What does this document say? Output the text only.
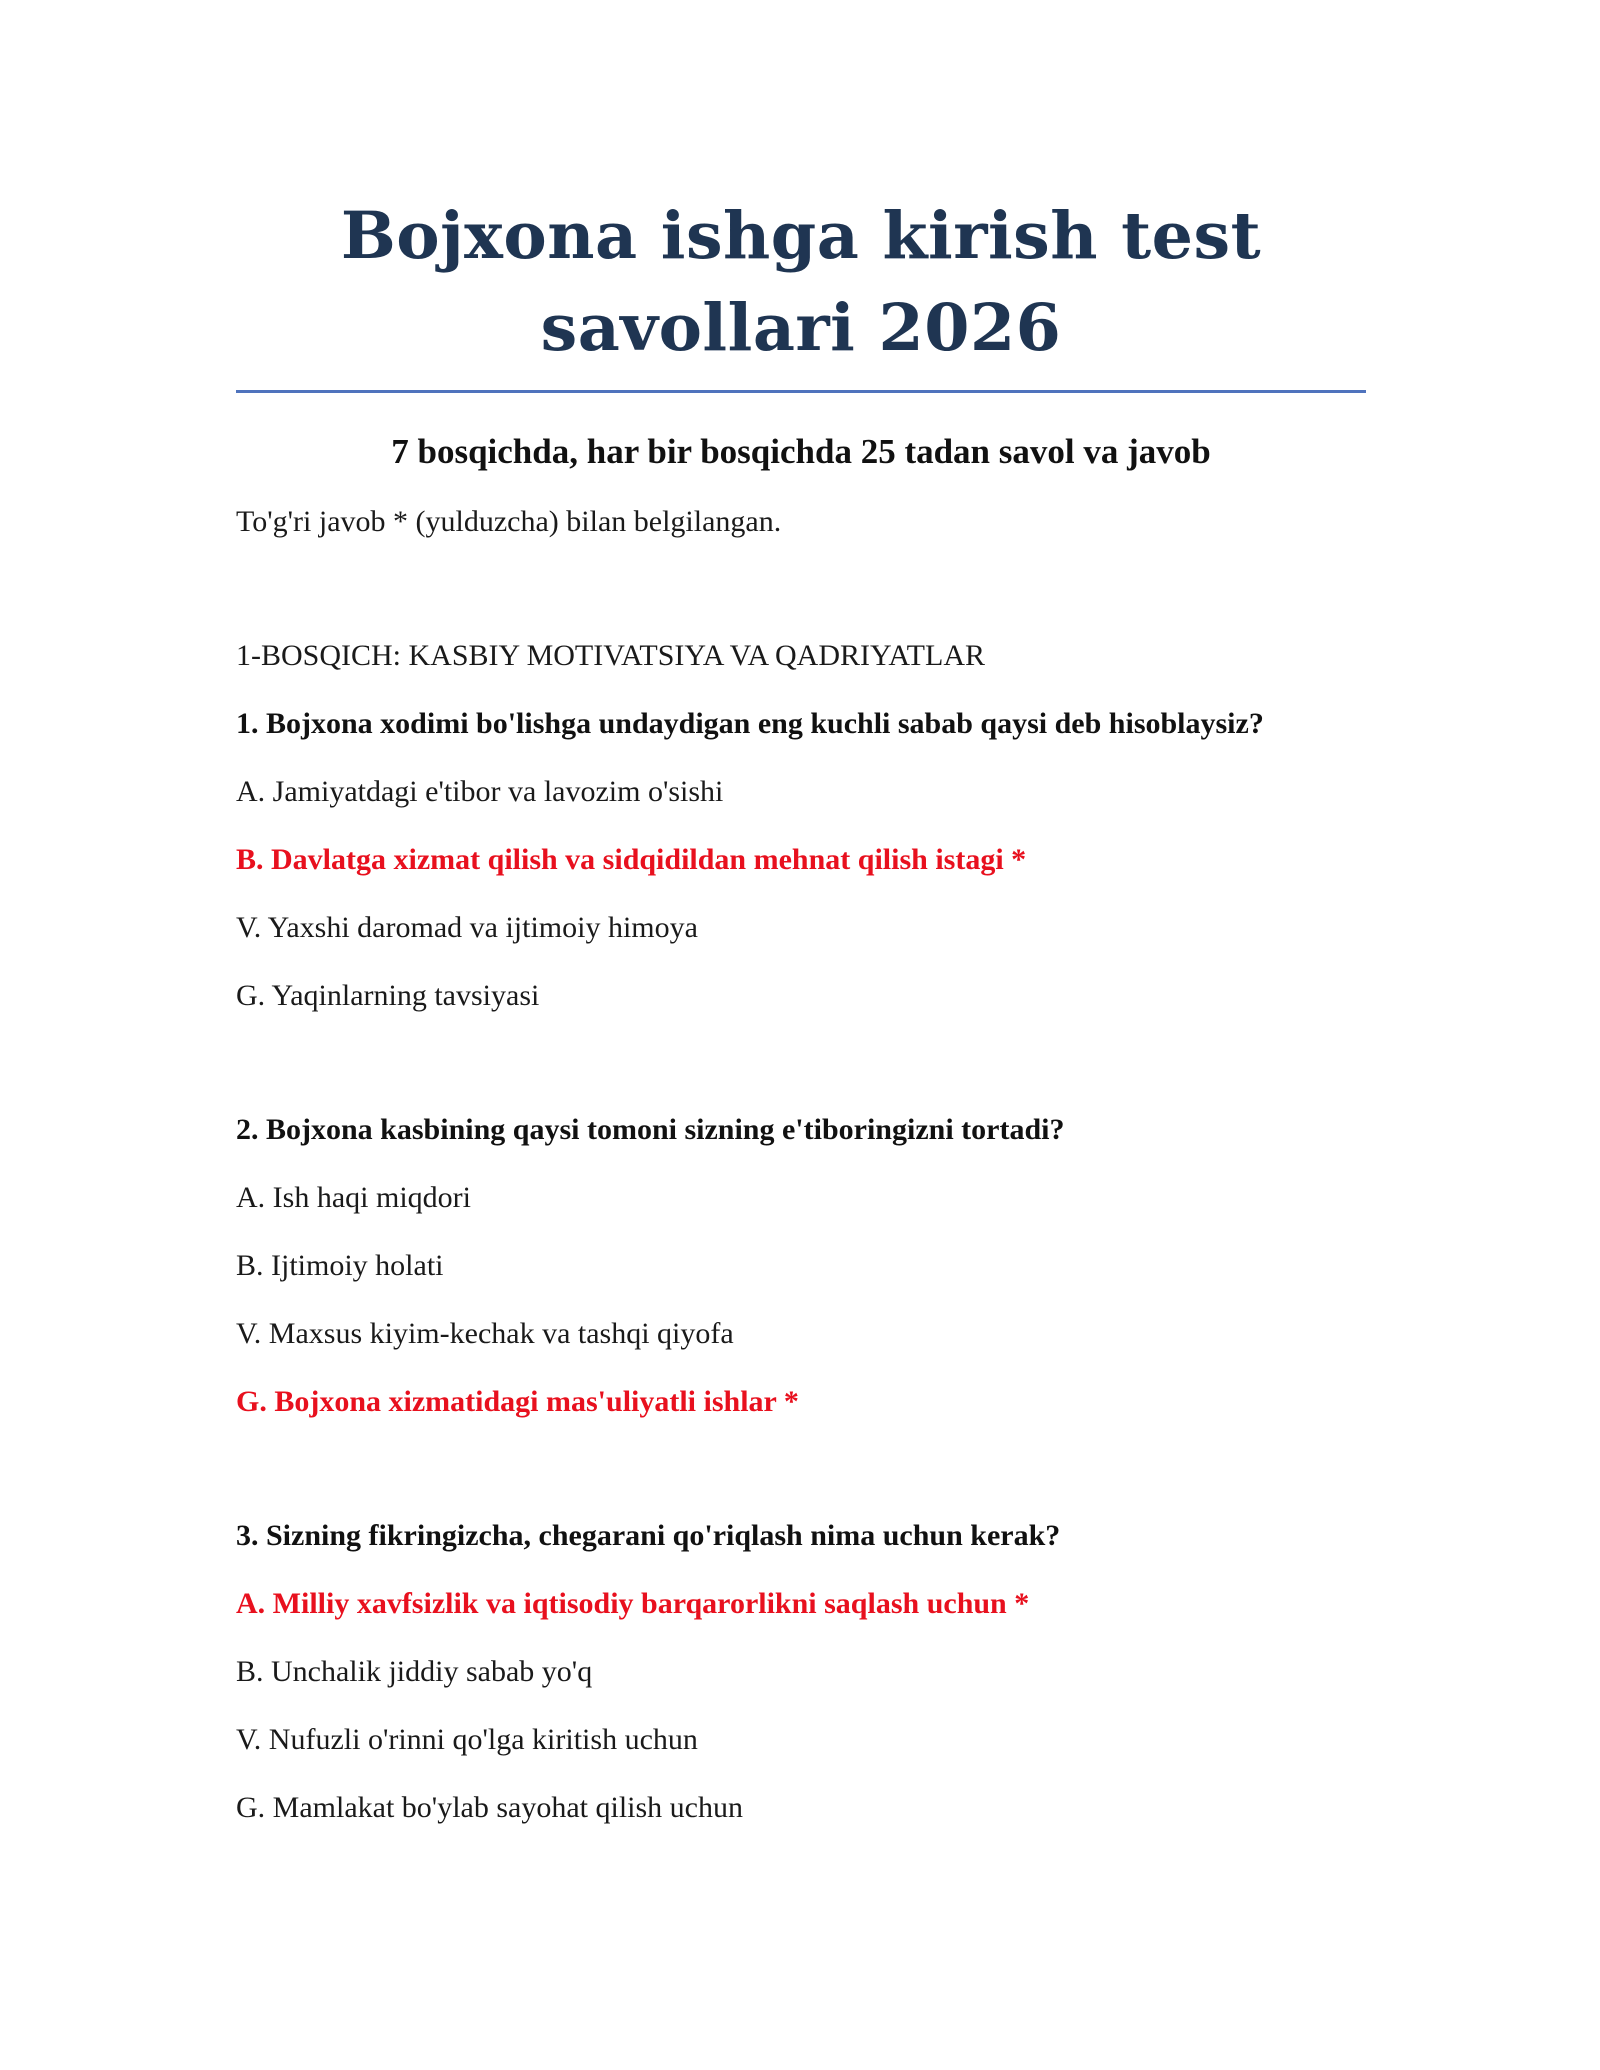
Bojxona ishga kirish test
savollari 2026

7 bosqichda, har bir bosqichda 25 tadan savol va javob

To'g'ri javob * (yulduzcha) bilan belgilangan.

1-BOSQICH: KASBIY MOTIVATSIYA VA QADRIYATLAR

1. Bojxona xodimi bo'lishga undaydigan eng kuchli sabab qaysi deb hisoblaysiz?

A. Jamiyatdagi e'tibor va lavozim o'sishi

B. Davlatga xizmat qilish va sidqidildan mehnat qilish istagi *

V. Yaxshi daromad va ijtimoiy himoya

G. Yaqinlarning tavsiyasi

2. Bojxona kasbining qaysi tomoni sizning e'tiboringizni tortadi?

A. Ish haqi miqdori

B. Ijtimoiy holati

V. Maxsus kiyim-kechak va tashqi qiyofa

G. Bojxona xizmatidagi mas'uliyatli ishlar *

3. Sizning fikringizcha, chegarani qo'riqlash nima uchun kerak?

A. Milliy xavfsizlik va iqtisodiy barqarorlikni saqlash uchun *

B. Unchalik jiddiy sabab yo'q

V. Nufuzli o'rinni qo'lga kiritish uchun

G. Mamlakat bo'ylab sayohat qilish uchun
